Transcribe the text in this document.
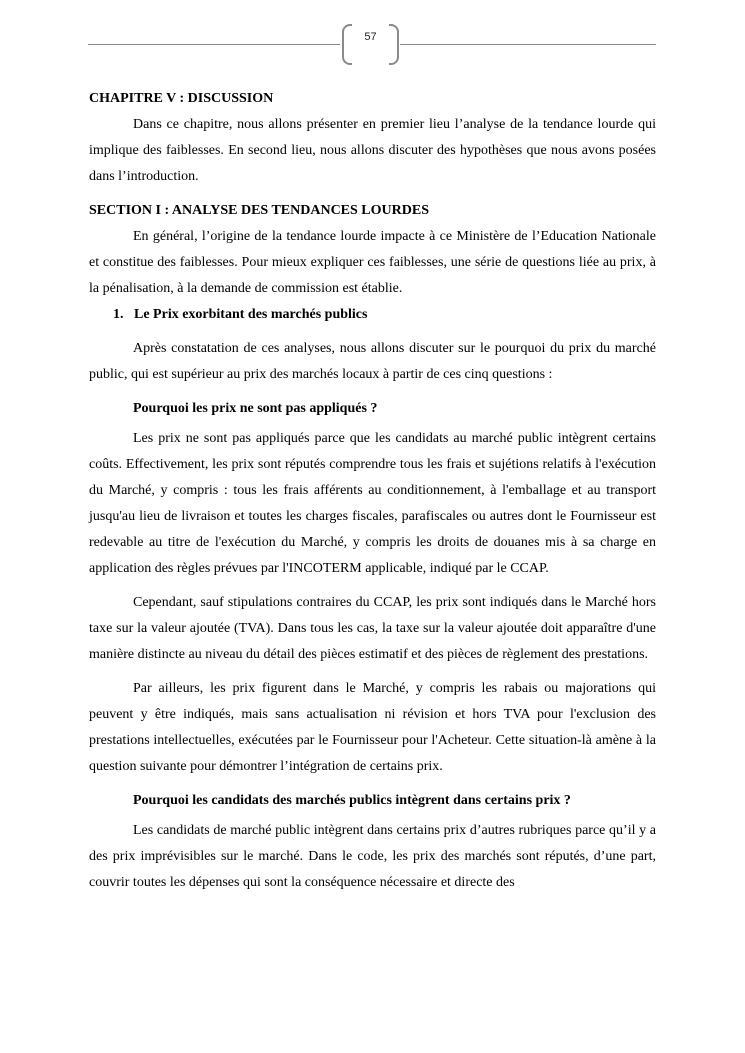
57

CHAPITRE V : DISCUSSION

Dans ce chapitre, nous allons présenter en premier lieu l’analyse de la tendance lourde qui implique des faiblesses. En second lieu, nous allons discuter des hypothèses que nous avons posées dans l’introduction.

SECTION I : ANALYSE DES TENDANCES LOURDES

En général, l’origine de la tendance lourde impacte à ce Ministère de l’Education Nationale et constitue des faiblesses. Pour mieux expliquer ces faiblesses, une série de questions liée au prix, à la pénalisation, à la demande de commission est établie.

1. Le Prix exorbitant des marchés publics

Après constatation de ces analyses, nous allons discuter sur le pourquoi du prix du marché public, qui est supérieur au prix des marchés locaux à partir de ces cinq questions :

Pourquoi les prix ne sont pas appliqués ?

Les prix ne sont pas appliqués parce que les candidats au marché public intègrent certains coûts. Effectivement, les prix sont réputés comprendre tous les frais et sujétions relatifs à l'exécution du Marché, y compris : tous les frais afférents au conditionnement, à l'emballage et au transport jusqu'au lieu de livraison et toutes les charges fiscales, parafiscales ou autres dont le Fournisseur est redevable au titre de l'exécution du Marché, y compris les droits de douanes mis à sa charge en application des règles prévues par l'INCOTERM applicable, indiqué par le CCAP.

Cependant, sauf stipulations contraires du CCAP, les prix sont indiqués dans le Marché hors taxe sur la valeur ajoutée (TVA). Dans tous les cas, la taxe sur la valeur ajoutée doit apparaître d'une manière distincte au niveau du détail des pièces estimatif et des pièces de règlement des prestations.

Par ailleurs, les prix figurent dans le Marché, y compris les rabais ou majorations qui peuvent y être indiqués, mais sans actualisation ni révision et hors TVA pour l'exclusion des prestations intellectuelles, exécutées par le Fournisseur pour l'Acheteur. Cette situation-là amène à la question suivante pour démontrer l’intégration de certains prix.

Pourquoi les candidats des marchés publics intègrent dans certains prix ?

Les candidats de marché public intègrent dans certains prix d’autres rubriques parce qu’il y a des prix imprévisibles sur le marché. Dans le code, les prix des marchés sont réputés, d’une part, couvrir toutes les dépenses qui sont la conséquence nécessaire et directe des
